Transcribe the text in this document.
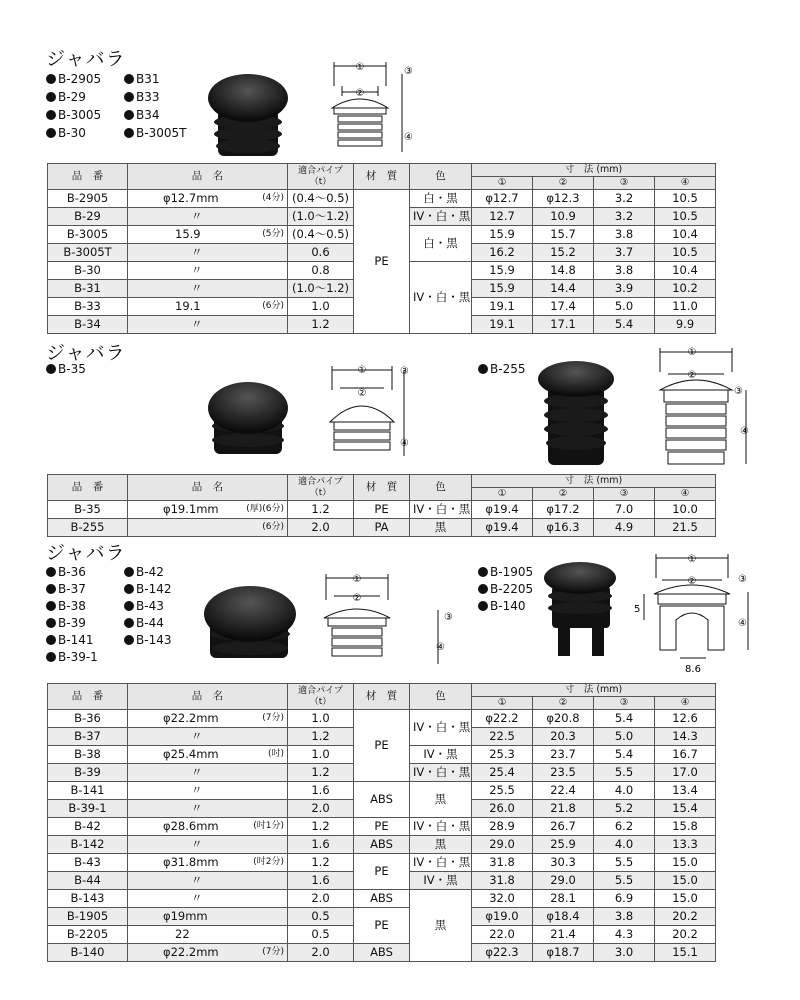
ジャバラ
B-2905
B-29
B-3005
B-30
B31
B33
B34
B-3005T
①
②
③
④
品　番	品　名	適合パイプ
（t）	材　質	色	寸　法 (mm)			
					①	②	③	④
B-2905	φ12.7mm (4分)	(0.4～0.5)	PE	白・黒	φ12.7	φ12.3	3.2	10.5
B-29	〃	(1.0～1.2)		IV・白・黒	12.7	10.9	3.2	10.5
B-3005	15.9 (5分)	(0.4～0.5)		白・黒	15.9	15.7	3.8	10.4
B-3005T	〃	0.6			16.2	15.2	3.7	10.5
B-30	〃	0.8		IV・白・黒	15.9	14.8	3.8	10.4
B-31	〃	(1.0～1.2)			15.9	14.4	3.9	10.2
B-33	19.1 (6分)	1.0			19.1	17.4	5.0	11.0
B-34	〃	1.2			19.1	17.1	5.4	9.9
ジャバラ
B-35	B-255
①
②
③
④
①
②
③
④
品　番	品　名	適合パイプ
（t）	材　質	色	寸　法 (mm)			
					①	②	③	④
B-35	φ19.1mm (厚)(6分)	1.2	PE	IV・白・黒	φ19.4	φ17.2	7.0	10.0
B-255	(6分)	2.0	PA	黒	φ19.4	φ16.3	4.9	21.5
ジャバラ
B-36
B-37
B-38
B-39
B-141
B-39-1
B-42
B-142
B-43
B-44
B-143
B-1905
B-2205
B-140
①
②
③
④
①
②	③
④
5
8.6
品　番	品　名	適合パイプ
（t）	材　質	色	寸　法 (mm)			
					①	②	③	④
B-36	φ22.2mm (7分)	1.0	PE	IV・白・黒	φ22.2	φ20.8	5.4	12.6
B-37	〃	1.2			22.5	20.3	5.0	14.3
B-38	φ25.4mm (吋)	1.0		IV・黒	25.3	23.7	5.4	16.7
B-39	〃	1.2		IV・白・黒	25.4	23.5	5.5	17.0
B-141	〃	1.6	ABS	黒	25.5	22.4	4.0	13.4
B-39-1	〃	2.0			26.0	21.8	5.2	15.4
B-42	φ28.6mm (吋1分)	1.2	PE	IV・白・黒	28.9	26.7	6.2	15.8
B-142	〃	1.6	ABS	黒	29.0	25.9	4.0	13.3
B-43	φ31.8mm (吋2分)	1.2	PE	IV・白・黒	31.8	30.3	5.5	15.0
B-44	〃	1.6		IV・黒	31.8	29.0	5.5	15.0
B-143	〃	2.0	ABS	黒	32.0	28.1	6.9	15.0
B-1905	φ19mm	0.5	PE		φ19.0	φ18.4	3.8	20.2
B-2205	22	0.5			22.0	21.4	4.3	20.2
B-140	φ22.2mm (7分)	2.0	ABS		φ22.3	φ18.7	3.0	15.1
